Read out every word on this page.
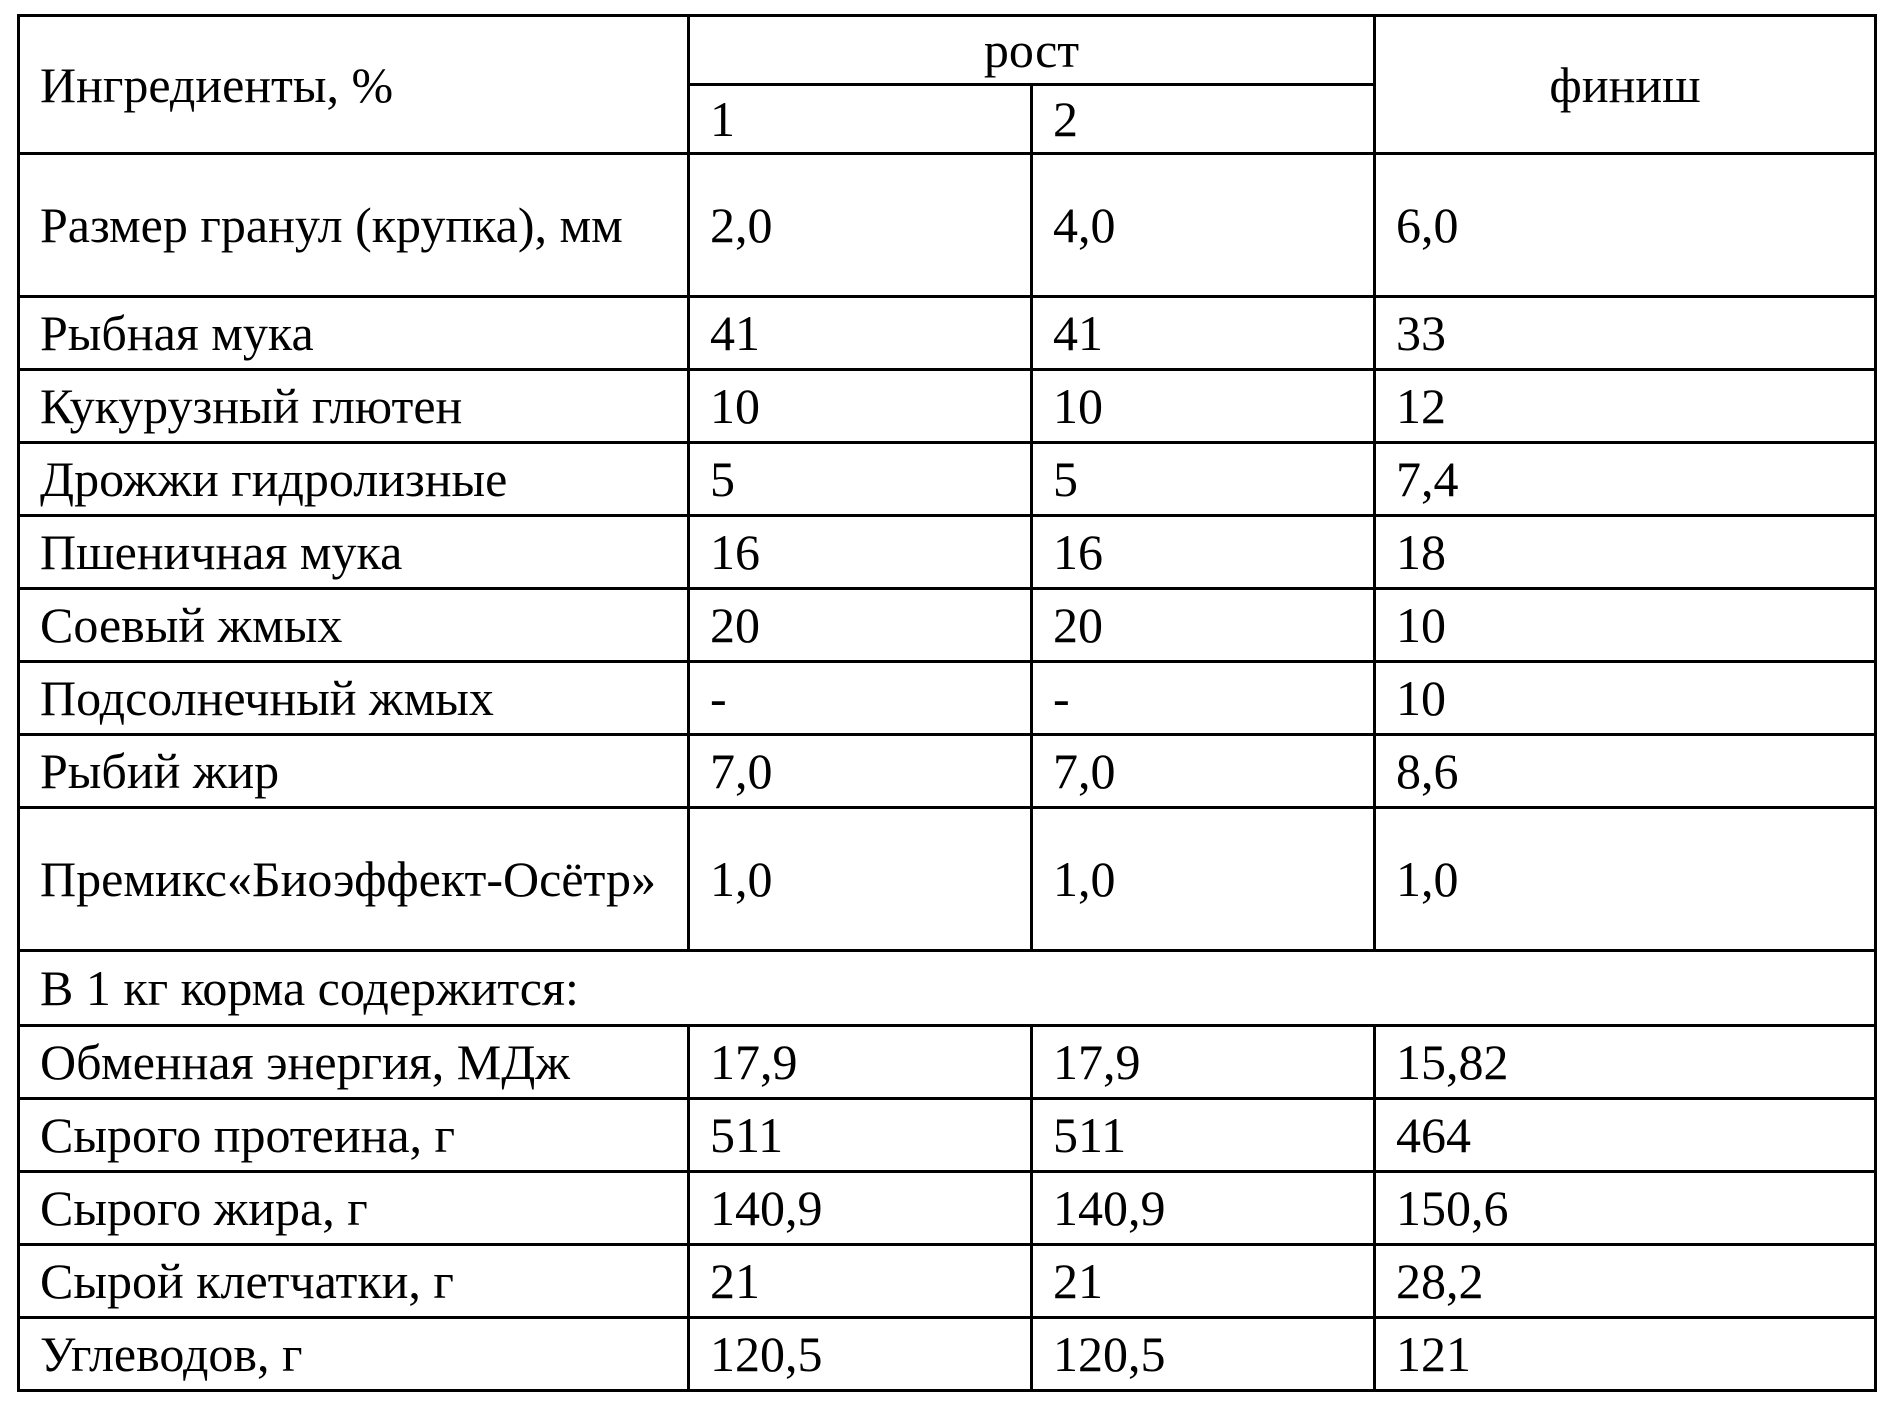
Ингредиенты, %	рост		финиш
	1	2	
Размер гранул (крупка), мм	2,0	4,0	6,0
Рыбная мука	41	41	33
Кукурузный глютен	10	10	12
Дрожжи гидролизные	5	5	7,4
Пшеничная мука	16	16	18
Соевый жмых	20	20	10
Подсолнечный жмых	-	-	10
Рыбий жир	7,0	7,0	8,6
Премикс«Биоэффект-Осётр»	1,0	1,0	1,0
В 1 кг корма содержится:			
Обменная энергия, МДж	17,9	17,9	15,82
Сырого протеина, г	511	511	464
Сырого жира, г	140,9	140,9	150,6
Сырой клетчатки, г	21	21	28,2
Углеводов, г	120,5	120,5	121
